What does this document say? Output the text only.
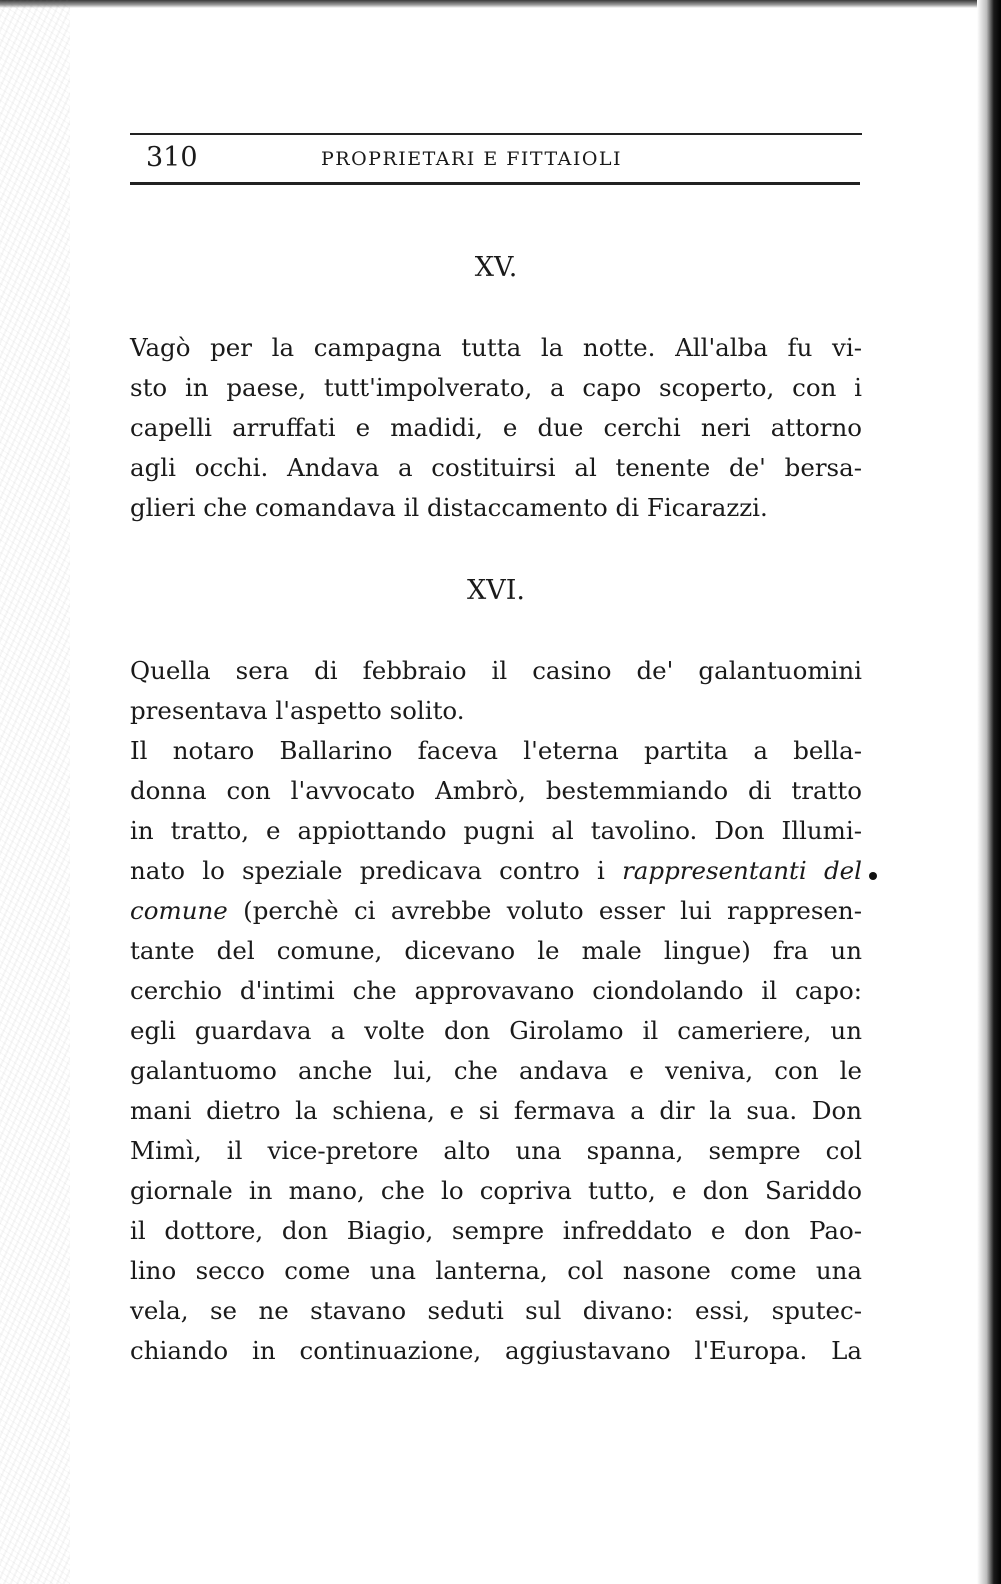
310	PROPRIETARI E FITTAIOLI
XV.
Vagò per la campagna tutta la notte. All'alba fu vi-
sto in paese, tutt'impolverato, a capo scoperto, con i
capelli arruffati e madidi, e due cerchi neri attorno
agli occhi. Andava a costituirsi al tenente de' bersa-
glieri che comandava il distaccamento di Ficarazzi.
XVI.
Quella sera di febbraio il casino de' galantuomini
presentava l'aspetto solito.
Il notaro Ballarino faceva l'eterna partita a bella-
donna con l'avvocato Ambrò, bestemmiando di tratto
in tratto, e appiottando pugni al tavolino. Don Illumi-
nato lo speziale predicava contro i rappresentanti del
comune (perchè ci avrebbe voluto esser lui rappresen-
tante del comune, dicevano le male lingue) fra un
cerchio d'intimi che approvavano ciondolando il capo:
egli guardava a volte don Girolamo il cameriere, un
galantuomo anche lui, che andava e veniva, con le
mani dietro la schiena, e si fermava a dir la sua. Don
Mimì, il vice-pretore alto una spanna, sempre col
giornale in mano, che lo copriva tutto, e don Sariddo
il dottore, don Biagio, sempre infreddato e don Pao-
lino secco come una lanterna, col nasone come una
vela, se ne stavano seduti sul divano: essi, sputec-
chiando in continuazione, aggiustavano l'Europa. La
